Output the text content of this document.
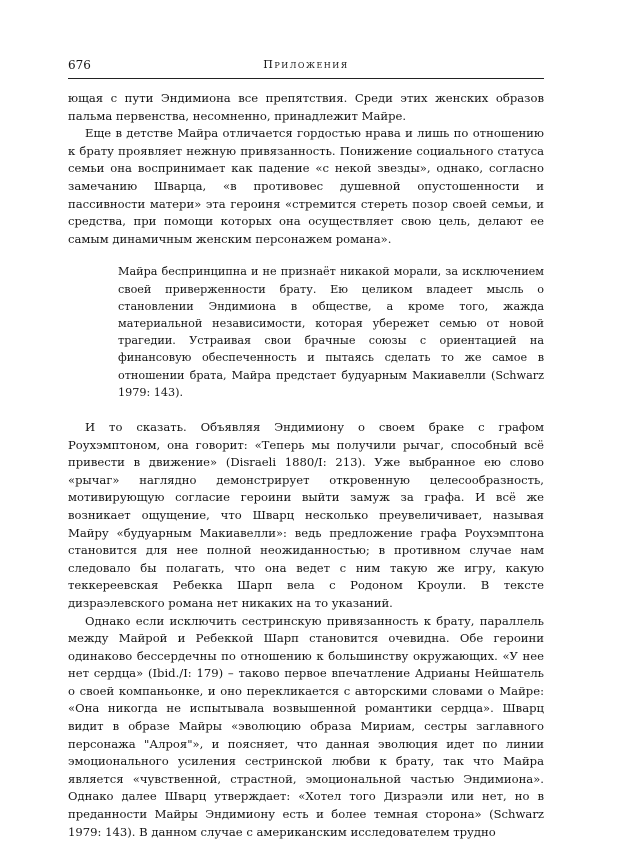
676	Приложения

ющая с пути Эндимиона все препятствия. Среди этих женских образов пальма первенства, несомненно, принадлежит Майре.

Еще в детстве Майра отличается гордостью нрава и лишь по отношению к брату проявляет нежную привязанность. Понижение социального статуса семьи она воспринимает как падение «с некой звезды», однако, согласно замечанию Шварца, «в противовес душевной опустошенности и пассивности матери» эта героиня «стремится стереть позор своей семьи, и средства, при помощи которых она осуществляет свою цель, делают ее самым динамичным женским персонажем романа».

Майра беспринципна и не признаёт никакой морали, за исключением своей приверженности брату. Ею целиком владеет мысль о становлении Эндимиона в обществе, а кроме того, жажда материальной независимости, которая убережет семью от новой трагедии. Устраивая свои брачные союзы с ориентацией на финансовую обеспеченность и пытаясь сделать то же самое в отношении брата, Майра предстает будуарным Макиавелли (Schwarz 1979: 143).

И то сказать. Объявляя Эндимиону о своем браке с графом Роухэмптоном, она говорит: «Теперь мы получили рычаг, способный всё привести в движение» (Disraeli 1880/I: 213). Уже выбранное ею слово «рычаг» наглядно демонстрирует откровенную целесообразность, мотивирующую согласие героини выйти замуж за графа. И всё же возникает ощущение, что Шварц несколько преувеличивает, называя Майру «будуарным Макиавелли»: ведь предложение графа Роухэмптона становится для нее полной неожиданностью; в противном случае нам следовало бы полагать, что она ведет с ним такую же игру, какую теккереевская Ребекка Шарп вела с Родоном Кроули. В тексте дизраэлевского романа нет никаких на то указаний.

Однако если исключить сестринскую привязанность к брату, параллель между Майрой и Ребеккой Шарп становится очевидна. Обе героини одинаково бессердечны по отношению к большинству окружающих. «У нее нет сердца» (Ibid./I: 179) – таково первое впечатление Адрианы Нейшатель о своей компаньонке, и оно перекликается с авторскими словами о Майре: «Она никогда не испытывала возвышенной романтики сердца». Шварц видит в образе Майры «эволюцию образа Мириам, сестры заглавного персонажа "Алроя"», и поясняет, что данная эволюция идет по линии эмоционального усиления сестринской любви к брату, так что Майра является «чувственной, страстной, эмоциональной частью Эндимиона». Однако далее Шварц утверждает: «Хотел того Дизраэли или нет, но в преданности Майры Эндимиону есть и более темная сторона» (Schwarz 1979: 143). В данном случае с американским исследователем трудно
